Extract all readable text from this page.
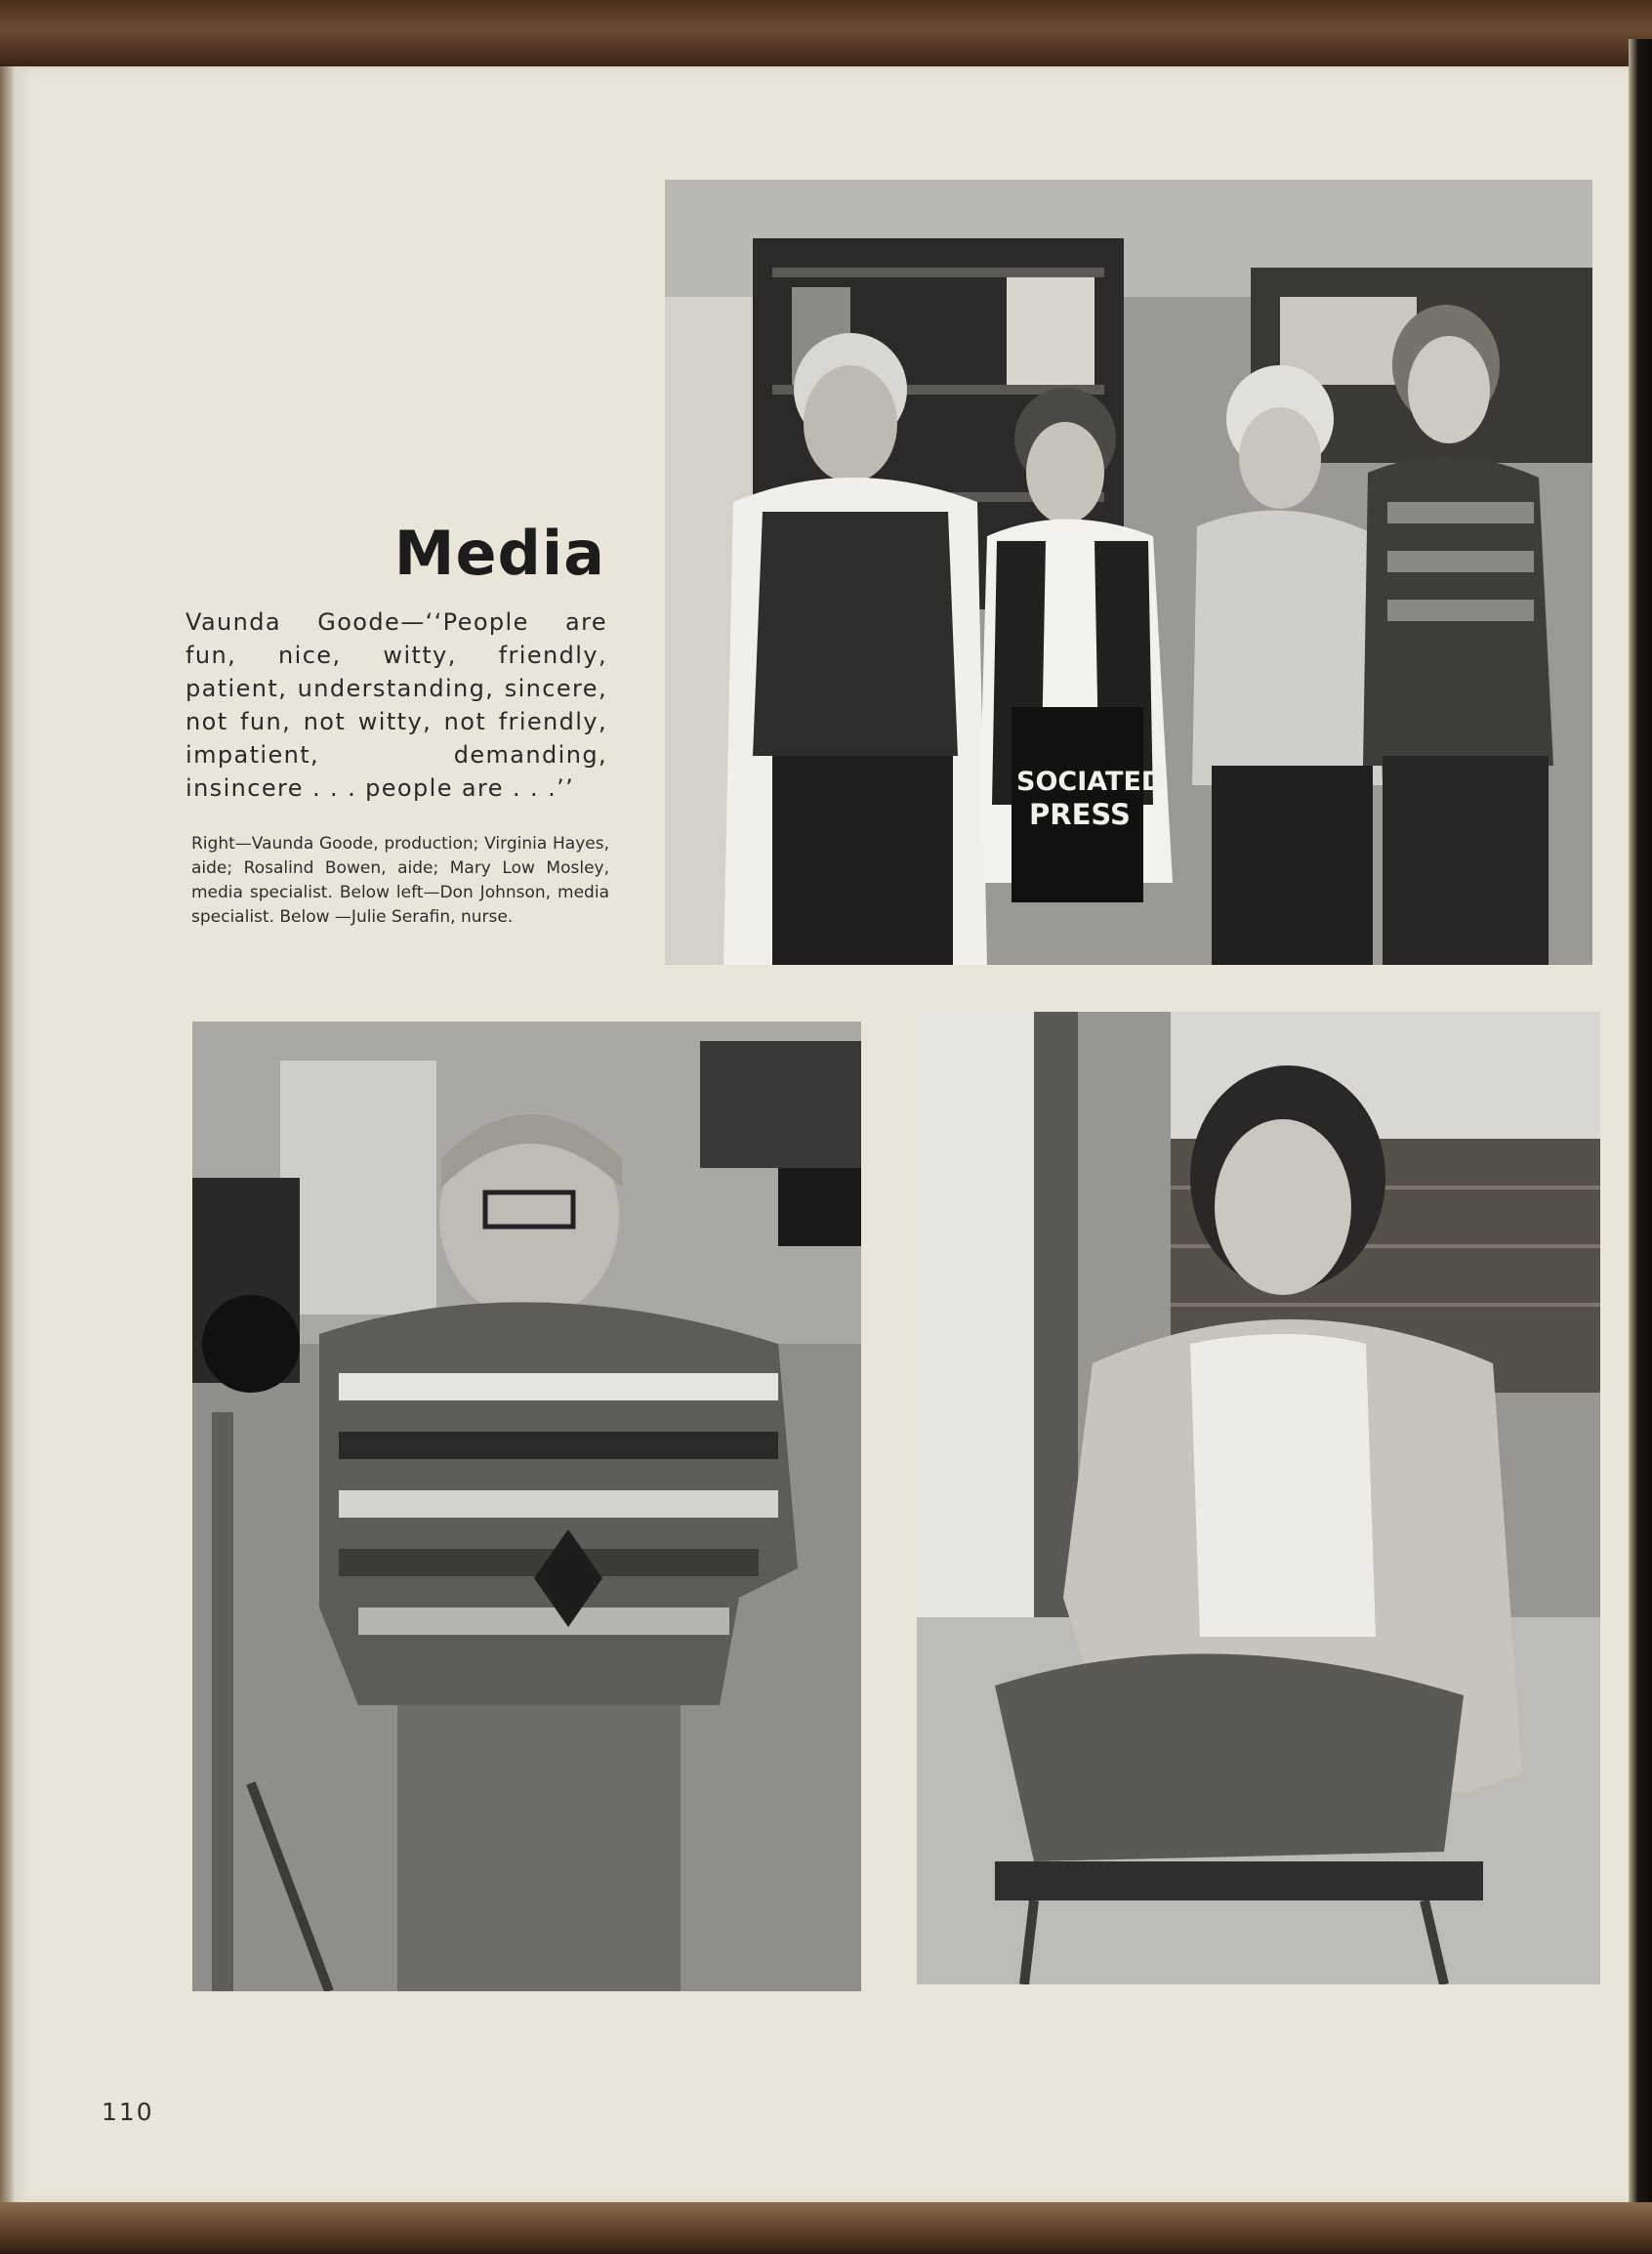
SOCIATED
PRESS
Media
Vaunda Goode—‘‘People are fun, nice, witty, friendly, patient, understanding, sincere, not fun, not witty, not friendly, impatient, demanding, insincere . . . people are . . .’’
Right—Vaunda Goode, production; Virginia Hayes, aide; Rosalind Bowen, aide; Mary Low Mosley, media specialist. Below left—Don Johnson, media specialist. Below —Julie Serafin, nurse.
110
